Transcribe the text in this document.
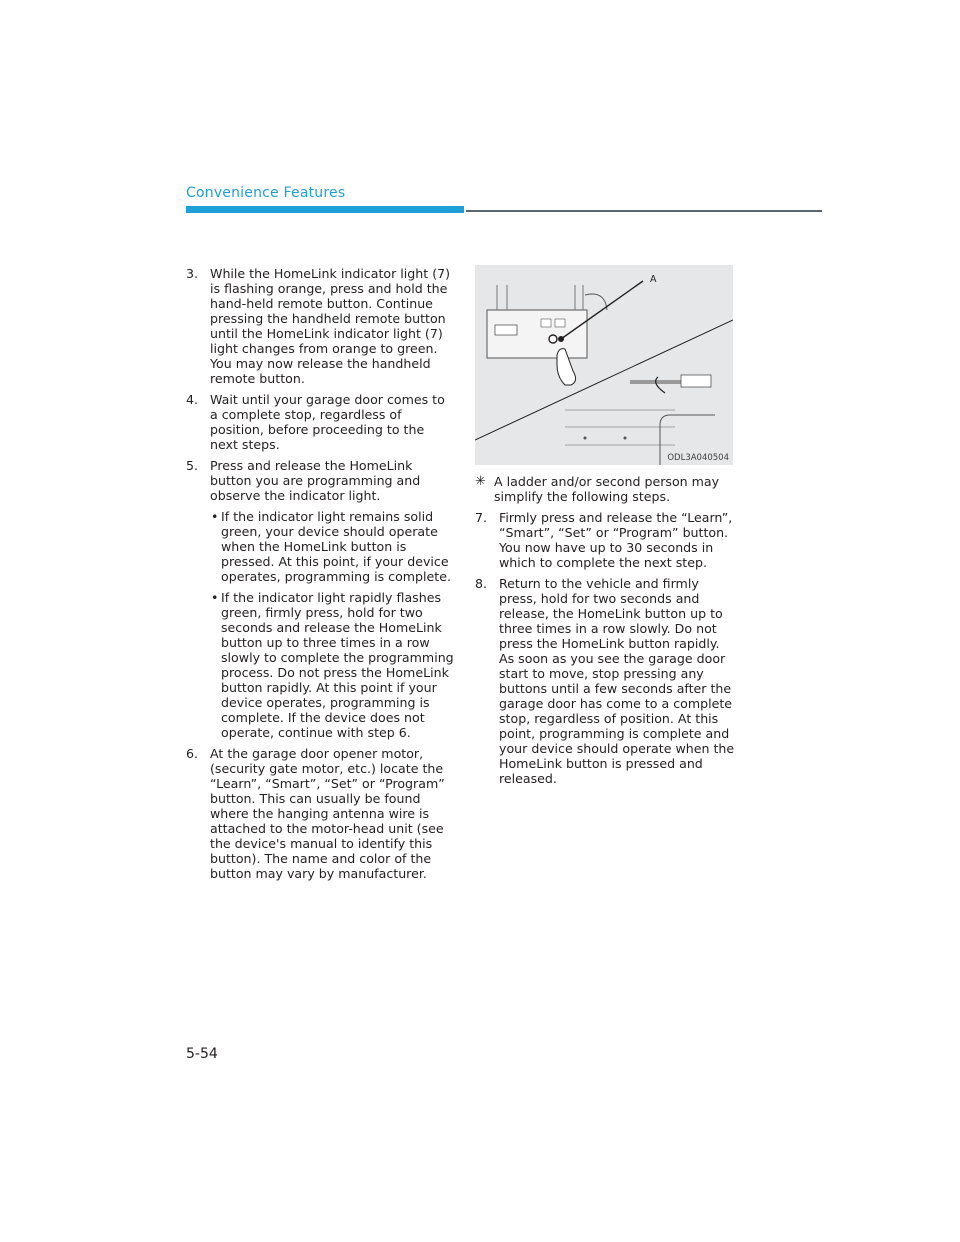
Convenience Features
3. While the HomeLink indicator light (7) is flashing orange, press and hold the hand-held remote button. Continue pressing the handheld remote button until the HomeLink indicator light (7) light changes from orange to green. You may now release the handheld remote button.
4. Wait until your garage door comes to a complete stop, regardless of position, before proceeding to the next steps.
5. Press and release the HomeLink button you are programming and observe the indicator light.
• If the indicator light remains solid green, your device should operate when the HomeLink button is pressed. At this point, if your device operates, programming is complete.
• If the indicator light rapidly flashes green, firmly press, hold for two seconds and release the HomeLink button up to three times in a row slowly to complete the programming process. Do not press the HomeLink button rapidly. At this point if your device operates, programming is complete. If the device does not operate, continue with step 6.
6. At the garage door opener motor, (security gate motor, etc.) locate the “Learn”, “Smart”, “Set” or “Program” button. This can usually be found where the hanging antenna wire is attached to the motor-head unit (see the device's manual to identify this button). The name and color of the button may vary by manufacturer.
A
ODL3A040504
✳ A ladder and/or second person may simplify the following steps.
7. Firmly press and release the “Learn”, “Smart”, “Set” or “Program” button. You now have up to 30 seconds in which to complete the next step.
8. Return to the vehicle and firmly press, hold for two seconds and release, the HomeLink button up to three times in a row slowly. Do not press the HomeLink button rapidly. As soon as you see the garage door start to move, stop pressing any buttons until a few seconds after the garage door has come to a complete stop, regardless of position. At this point, programming is complete and your device should operate when the HomeLink button is pressed and released.
5-54
